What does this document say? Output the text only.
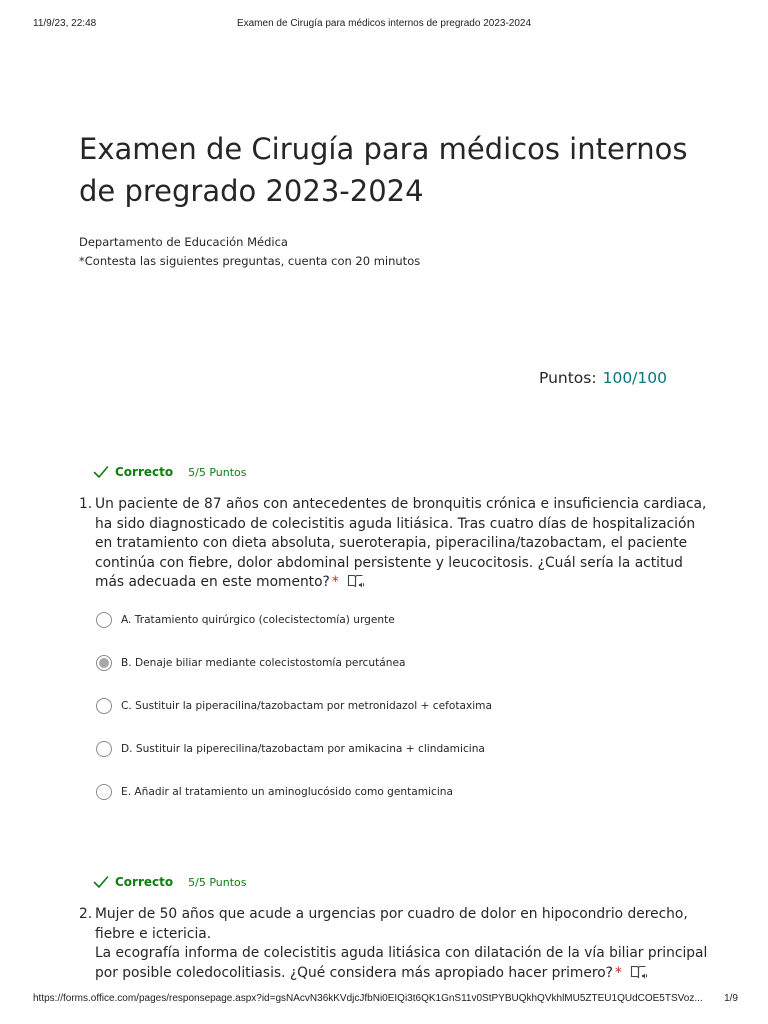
11/9/23, 22:48	Examen de Cirugía para médicos internos de pregrado 2023-2024
Examen de Cirugía para médicos internos de pregrado 2023-2024
Departamento de Educación Médica
*Contesta las siguientes preguntas, cuenta con 20 minutos
Puntos: 100/100
Correcto 5/5 Puntos
1. Un paciente de 87 años con antecedentes de bronquitis crónica e insuficiencia cardiaca, ha sido diagnosticado de colecistitis aguda litiásica. Tras cuatro días de hospitalización en tratamiento con dieta absoluta, sueroterapia, piperacilina/tazobactam, el paciente continúa con fiebre, dolor abdominal persistente y leucocitosis. ¿Cuál sería la actitud más adecuada en este momento? *

A. Tratamiento quirúrgico (colecistectomía) urgente
B. Denaje biliar mediante colecistostomía percutánea
C. Sustituir la piperacilina/tazobactam por metronidazol + cefotaxima
D. Sustituir la piperecilina/tazobactam por amikacina + clindamicina
E. Añadir al tratamiento un aminoglucósido como gentamicina
Correcto 5/5 Puntos
2. Mujer de 50 años que acude a urgencias por cuadro de dolor en hipocondrio derecho, fiebre e ictericia.

La ecografía informa de colecistitis aguda litiásica con dilatación de la vía biliar principal por posible coledocolitiasis. ¿Qué considera más apropiado hacer primero? *

https://forms.office.com/pages/responsepage.aspx?id=gsNAcvN36kKVdjcJfbNi0EIQi3t6QK1GnS11v0StPYBUQkhQVkhlMU5ZTEU1QUdCOE5TSVoz... 1/9
